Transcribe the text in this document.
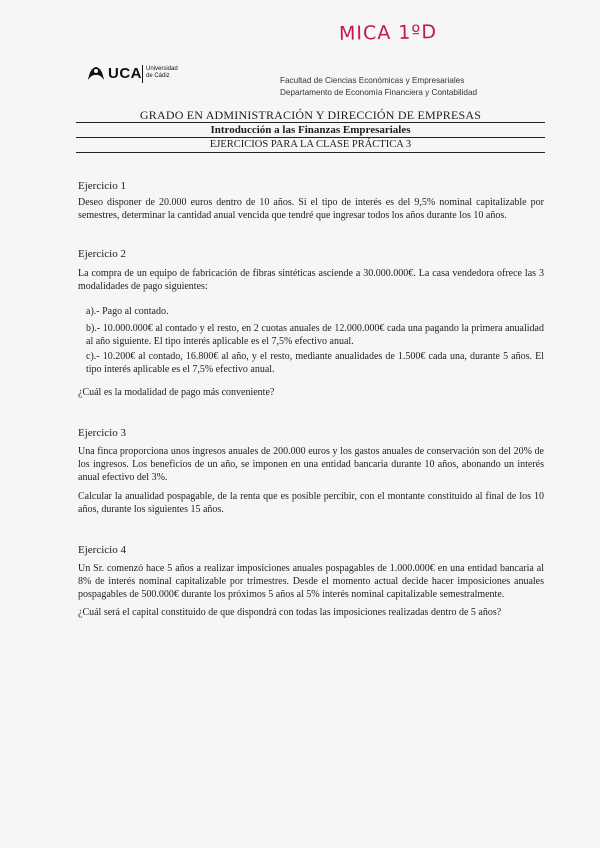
MICA 1ºD
UCA Universidad de Cádiz	Facultad de Ciencias Económicas y Empresariales
Departamento de Economía Financiera y Contabilidad
GRADO EN ADMINISTRACIÓN Y DIRECCIÓN DE EMPRESAS
Introducción a las Finanzas Empresariales
EJERCICIOS PARA LA CLASE PRÁCTICA 3
Ejercicio 1
Deseo disponer de 20.000 euros dentro de 10 años. Si el tipo de interés es del 9,5% nominal capitalizable por semestres, determinar la cantidad anual vencida que tendré que ingresar todos los años durante los 10 años.
Ejercicio 2
La compra de un equipo de fabricación de fibras sintéticas asciende a 30.000.000€. La casa vendedora ofrece las 3 modalidades de pago siguientes:
a).- Pago al contado.
b).- 10.000.000€ al contado y el resto, en 2 cuotas anuales de 12.000.000€ cada una pagando la primera anualidad al año siguiente. El tipo interés aplicable es el 7,5% efectivo anual.
c).- 10.200€ al contado, 16.800€ al año, y el resto, mediante anualidades de 1.500€ cada una, durante 5 años. El tipo interés aplicable es el 7,5% efectivo anual.
¿Cuál es la modalidad de pago más conveniente?
Ejercicio 3
Una finca proporciona unos ingresos anuales de 200.000 euros y los gastos anuales de conservación son del 20% de los ingresos. Los beneficios de un año, se imponen en una entidad bancaria durante 10 años, abonando un interés anual efectivo del 3%.
Calcular la anualidad pospagable, de la renta que es posible percibir, con el montante constituido al final de los 10 años, durante los siguientes 15 años.
Ejercicio 4
Un Sr. comenzó hace 5 años a realizar imposiciones anuales pospagables de 1.000.000€ en una entidad bancaria al 8% de interés nominal capitalizable por trimestres. Desde el momento actual decide hacer imposiciones anuales pospagables de 500.000€ durante los próximos 5 años al 5% interés nominal capitalizable semestralmente.
¿Cuál será el capital constituido de que dispondrá con todas las imposiciones realizadas dentro de 5 años?
